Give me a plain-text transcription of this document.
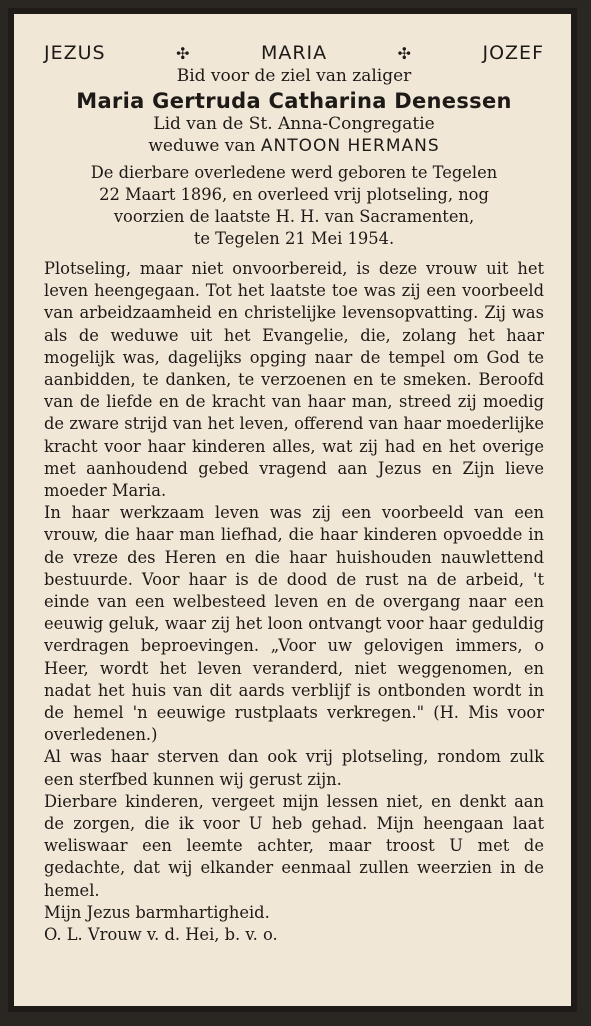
JEZUS	✣	MARIA	✣	JOZEF
Bid voor de ziel van zaliger
Maria Gertruda Catharina Denessen
Lid van de St. Anna-Congregatie
weduwe van ANTOON HERMANS
De dierbare overledene werd geboren te Tegelen
22 Maart 1896, en overleed vrij plotseling, nog
voorzien de laatste H. H. van Sacramenten,
te Tegelen 21 Mei 1954.

Plotseling, maar niet onvoorbereid, is deze vrouw uit het leven heengegaan. Tot het laatste toe was zij een voorbeeld van arbeidzaamheid en christelijke levensopvatting. Zij was als de weduwe uit het Evangelie, die, zolang het haar mogelijk was, dagelijks opging naar de tempel om God te aanbidden, te danken, te verzoenen en te smeken. Beroofd van de liefde en de kracht van haar man, streed zij moedig de zware strijd van het leven, offerend van haar moederlijke kracht voor haar kinderen alles, wat zij had en het overige met aanhoudend gebed vragend aan Jezus en Zijn lieve moeder Maria.

In haar werkzaam leven was zij een voorbeeld van een vrouw, die haar man liefhad, die haar kinderen opvoedde in de vreze des Heren en die haar huishouden nauwlettend bestuurde. Voor haar is de dood de rust na de arbeid, 't einde van een welbesteed leven en de overgang naar een eeuwig geluk, waar zij het loon ontvangt voor haar geduldig verdragen beproevingen. „Voor uw gelovigen immers, o Heer, wordt het leven veranderd, niet weggenomen, en nadat het huis van dit aards verblijf is ontbonden wordt in de hemel 'n eeuwige rustplaats verkregen." (H. Mis voor overledenen.)

Al was haar sterven dan ook vrij plotseling, rondom zulk een sterfbed kunnen wij gerust zijn.

Dierbare kinderen, vergeet mijn lessen niet, en denkt aan de zorgen, die ik voor U heb gehad. Mijn heengaan laat weliswaar een leemte achter, maar troost U met de gedachte, dat wij elkander eenmaal zullen weerzien in de hemel.

Mijn Jezus barmhartigheid.
O. L. Vrouw v. d. Hei, b. v. o.
